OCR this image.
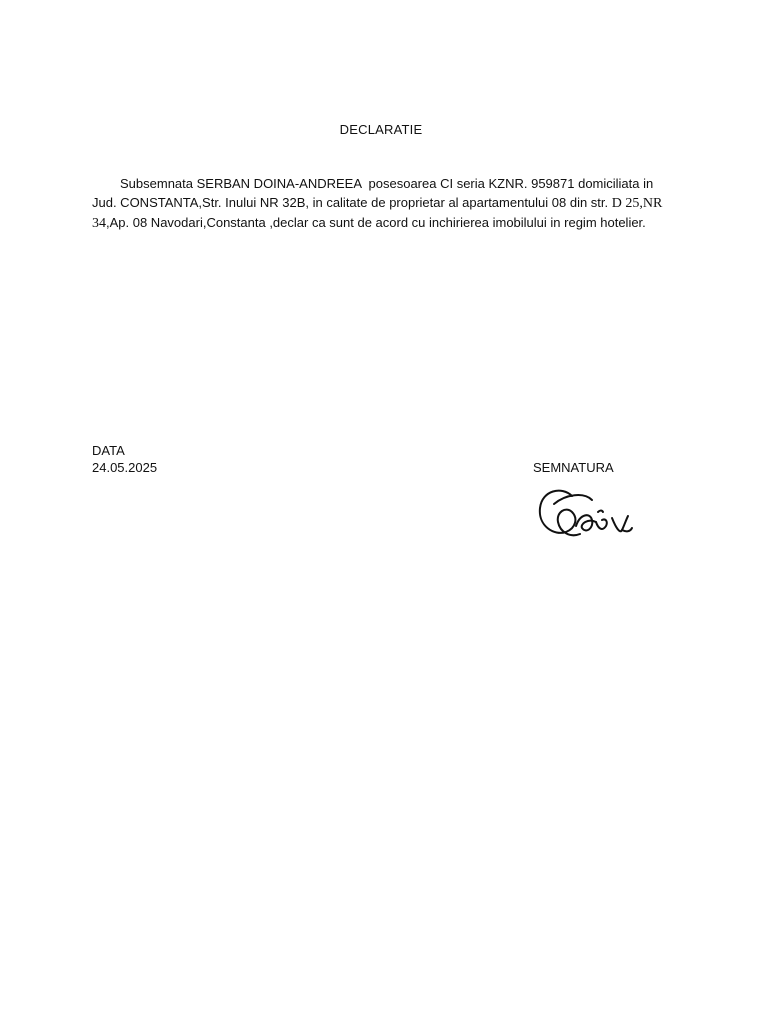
DECLARATIE

Subsemnata SERBAN DOINA-ANDREEA  posesoarea CI seria KZNR. 959871 domiciliata in Jud. CONSTANTA,Str. Inului NR 32B, in calitate de proprietar al apartamentului 08 din str. D 25,NR 34,Ap. 08 Navodari,Constanta ,declar ca sunt de acord cu inchirierea imobilului in regim hotelier.

DATA
24.05.2025	SEMNATURA
